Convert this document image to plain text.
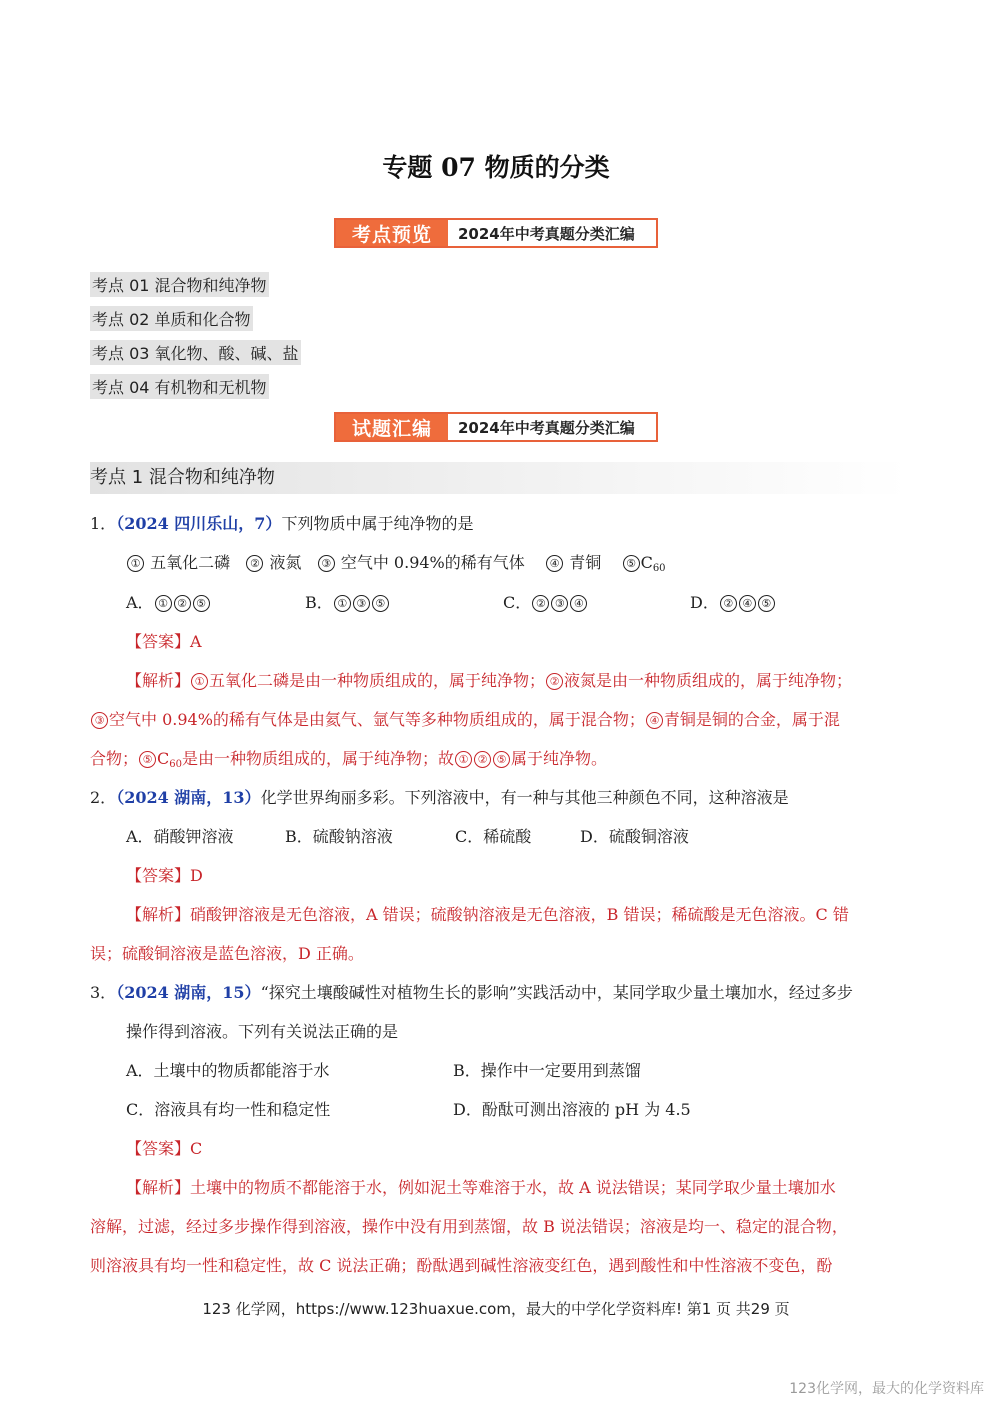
专题 07 物质的分类
考点预览	2024年中考真题分类汇编
考点 01 混合物和纯净物
考点 02 单质和化合物
考点 03 氧化物、酸、碱、盐
考点 04 有机物和无机物
试题汇编	2024年中考真题分类汇编
考点 1 混合物和纯净物
1．（2024 四川乐山，7）下列物质中属于纯净物的是
① 五氧化二磷 ② 液氮 ③ 空气中 0.94%的稀有气体 ④ 青铜 ⑤ $C_{60}$
A． ① ② ⑤	B． ① ③ ⑤	C． ② ③ ④	D． ② ④ ⑤
【答案】A
【解析】 ① 五氧化二磷是由一种物质组成的，属于纯净物； ② 液氮是由一种物质组成的，属于纯净物；
③ 空气中 0.94%的稀有气体是由氦气、氩气等多种物质组成的，属于混合物； ④ 青铜是铜的合金，属于混
合物； ⑤ $C_{60}$是由一种物质组成的，属于纯净物；故 ① ② ⑤ 属于纯净物。
2．（2024 湖南，13）化学世界绚丽多彩。下列溶液中，有一种与其他三种颜色不同，这种溶液是
A．硝酸钾溶液	B．硫酸钠溶液	C．稀硫酸	D．硫酸铜溶液
【答案】D
【解析】硝酸钾溶液是无色溶液，A 错误；硫酸钠溶液是无色溶液，B 错误；稀硫酸是无色溶液。C 错
误；硫酸铜溶液是蓝色溶液，D 正确。
3．（2024 湖南，15）“探究土壤酸碱性对植物生长的影响”实践活动中，某同学取少量土壤加水，经过多步
操作得到溶液。下列有关说法正确的是
A．土壤中的物质都能溶于水	B．操作中一定要用到蒸馏
C．溶液具有均一性和稳定性	D．酚酞可测出溶液的 pH 为 4.5
【答案】C
【解析】土壤中的物质不都能溶于水，例如泥土等难溶于水，故 A 说法错误；某同学取少量土壤加水
溶解，过滤，经过多步操作得到溶液，操作中没有用到蒸馏，故 B 说法错误；溶液是均一、稳定的混合物，
则溶液具有均一性和稳定性，故 C 说法正确；酚酞遇到碱性溶液变红色，遇到酸性和中性溶液不变色，酚
123 化学网，https://www.123huaxue.com，最大的中学化学资料库! 第1 页 共29 页
123化学网，最大的化学资料库
